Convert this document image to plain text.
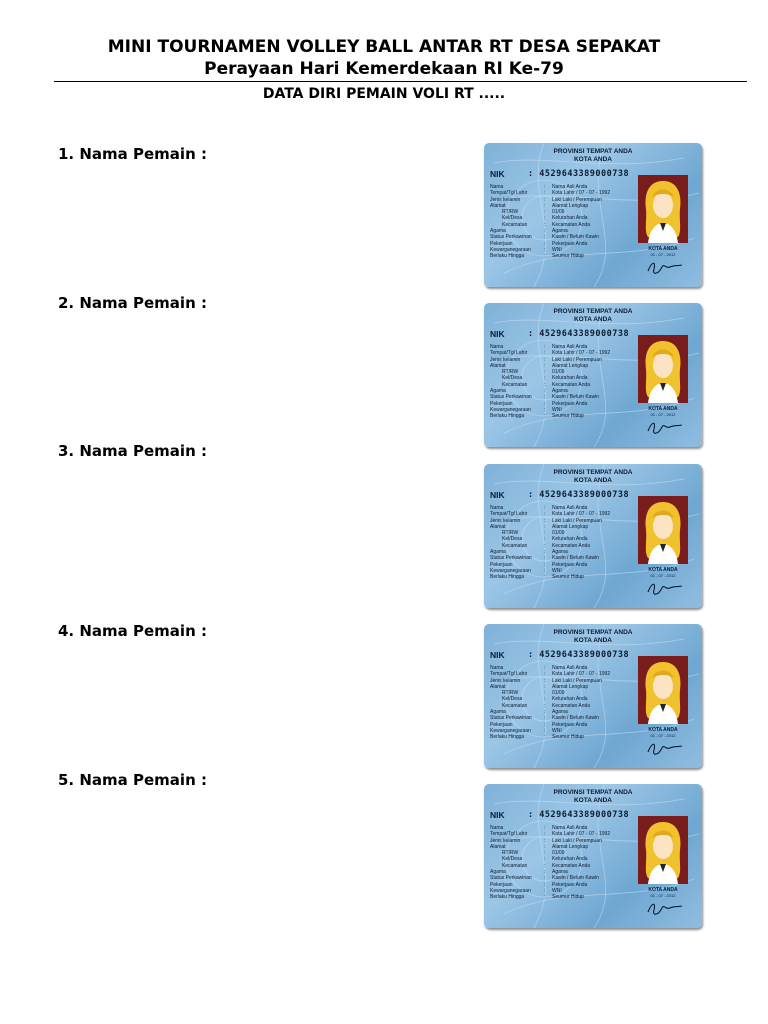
MINI TOURNAMEN VOLLEY BALL ANTAR RT DESA SEPAKAT
Perayaan Hari Kemerdekaan RI Ke-79
DATA DIRI PEMAIN VOLI RT .....
1. Nama Pemain :	PROVINSI TEMPAT ANDA
KOTA ANDA
NIK	: 4529643389000738
Nama	: Nama Asli Anda
Tempat/Tgl Lahir	: Kota Lahir / 07 - 07 - 1992
Jenis kelamin	: Laki Laki / Perempuan
Alamat	: Alamat Lengkap
RT/RW	: 01/09
Kel/Desa	: Kelurahan Anda
Kecamatan	: Kecamatan Anda
Agama	: Agama
Status Perkawinan : Kawin / Belum Kawin
Pekerjaan	: Pekerjaan Anda
Kewarganegaraan	: WNI
Berlaku Hingga	: Seumur Hidup
KOTA ANDA
01 - 07 - 2012
2. Nama Pemain :	PROVINSI TEMPAT ANDA
KOTA ANDA
NIK	: 4529643389000738
Nama	: Nama Asli Anda
Tempat/Tgl Lahir	: Kota Lahir / 07 - 07 - 1992
Jenis kelamin	: Laki Laki / Perempuan
Alamat	: Alamat Lengkap
RT/RW	: 01/09
Kel/Desa	: Kelurahan Anda
Kecamatan	: Kecamatan Anda
Agama	: Agama
Status Perkawinan : Kawin / Belum Kawin
Pekerjaan	: Pekerjaan Anda
Kewarganegaraan	: WNI
Berlaku Hingga	: Seumur Hidup
KOTA ANDA
01 - 07 - 2012
3. Nama Pemain :
PROVINSI TEMPAT ANDA
KOTA ANDA
NIK	: 4529643389000738
Nama	: Nama Asli Anda
Tempat/Tgl Lahir	: Kota Lahir / 07 - 07 - 1992
Jenis kelamin	: Laki Laki / Perempuan
Alamat	: Alamat Lengkap
RT/RW	: 01/09
Kel/Desa	: Kelurahan Anda
Kecamatan	: Kecamatan Anda
Agama	: Agama
Status Perkawinan : Kawin / Belum Kawin
Pekerjaan	: Pekerjaan Anda
Kewarganegaraan	: WNI
Berlaku Hingga	: Seumur Hidup
KOTA ANDA
01 - 07 - 2012
4. Nama Pemain :	PROVINSI TEMPAT ANDA
KOTA ANDA
NIK	: 4529643389000738
Nama	: Nama Asli Anda
Tempat/Tgl Lahir	: Kota Lahir / 07 - 07 - 1992
Jenis kelamin	: Laki Laki / Perempuan
Alamat	: Alamat Lengkap
RT/RW	: 01/09
Kel/Desa	: Kelurahan Anda
Kecamatan	: Kecamatan Anda
Agama	: Agama
Status Perkawinan : Kawin / Belum Kawin
Pekerjaan	: Pekerjaan Anda
Kewarganegaraan	: WNI
Berlaku Hingga	: Seumur Hidup
KOTA ANDA
01 - 07 - 2012
5. Nama Pemain :
PROVINSI TEMPAT ANDA
KOTA ANDA
NIK	: 4529643389000738
Nama	: Nama Asli Anda
Tempat/Tgl Lahir	: Kota Lahir / 07 - 07 - 1992
Jenis kelamin	: Laki Laki / Perempuan
Alamat	: Alamat Lengkap
RT/RW	: 01/09
Kel/Desa	: Kelurahan Anda
Kecamatan	: Kecamatan Anda
Agama	: Agama
Status Perkawinan : Kawin / Belum Kawin
Pekerjaan	: Pekerjaan Anda
Kewarganegaraan	: WNI
Berlaku Hingga	: Seumur Hidup
KOTA ANDA
01 - 07 - 2012
